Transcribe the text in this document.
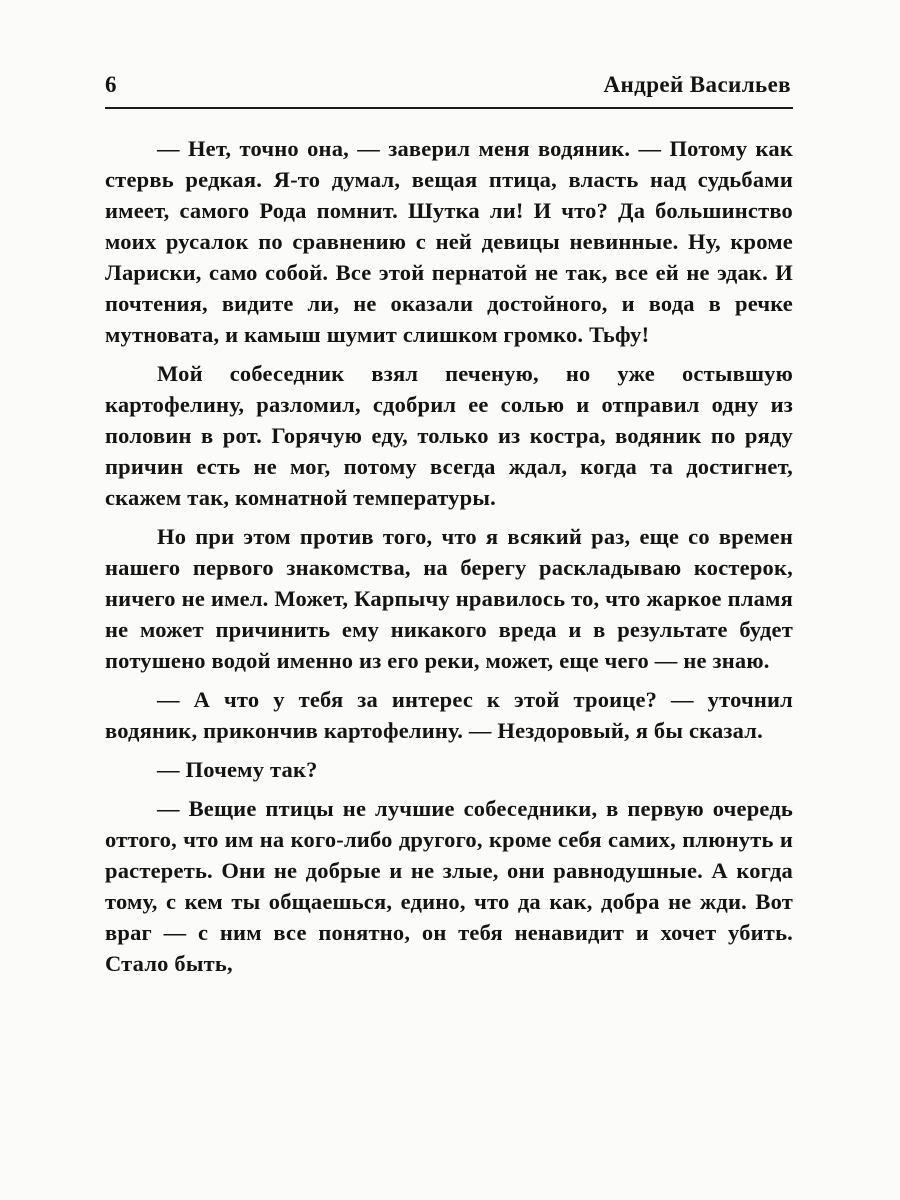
6	Андрей Васильев

— Нет, точно она, — заверил меня водяник. — Потому как стервь редкая. Я-то думал, вещая птица, власть над судьбами имеет, самого Рода помнит. Шутка ли! И что? Да большинство моих русалок по сравнению с ней девицы невинные. Ну, кроме Лариски, само собой. Все этой пернатой не так, все ей не эдак. И почтения, видите ли, не оказали достойного, и вода в речке мутновата, и камыш шумит слишком громко. Тьфу!

Мой собеседник взял печеную, но уже остывшую картофелину, разломил, сдобрил ее солью и отправил одну из половин в рот. Горячую еду, только из костра, водяник по ряду причин есть не мог, потому всегда ждал, когда та достигнет, скажем так, комнатной температуры.

Но при этом против того, что я всякий раз, еще со времен нашего первого знакомства, на берегу раскладываю костерок, ничего не имел. Может, Карпычу нравилось то, что жаркое пламя не может причинить ему никакого вреда и в результате будет потушено водой именно из его реки, может, еще чего — не знаю.

— А что у тебя за интерес к этой троице? — уточнил водяник, прикончив картофелину. — Нездоровый, я бы сказал.

— Почему так?

— Вещие птицы не лучшие собеседники, в первую очередь оттого, что им на кого-либо другого, кроме себя самих, плюнуть и растереть. Они не добрые и не злые, они равнодушные. А когда тому, с кем ты общаешься, едино, что да как, добра не жди. Вот враг — с ним все понятно, он тебя ненавидит и хочет убить. Стало быть,
